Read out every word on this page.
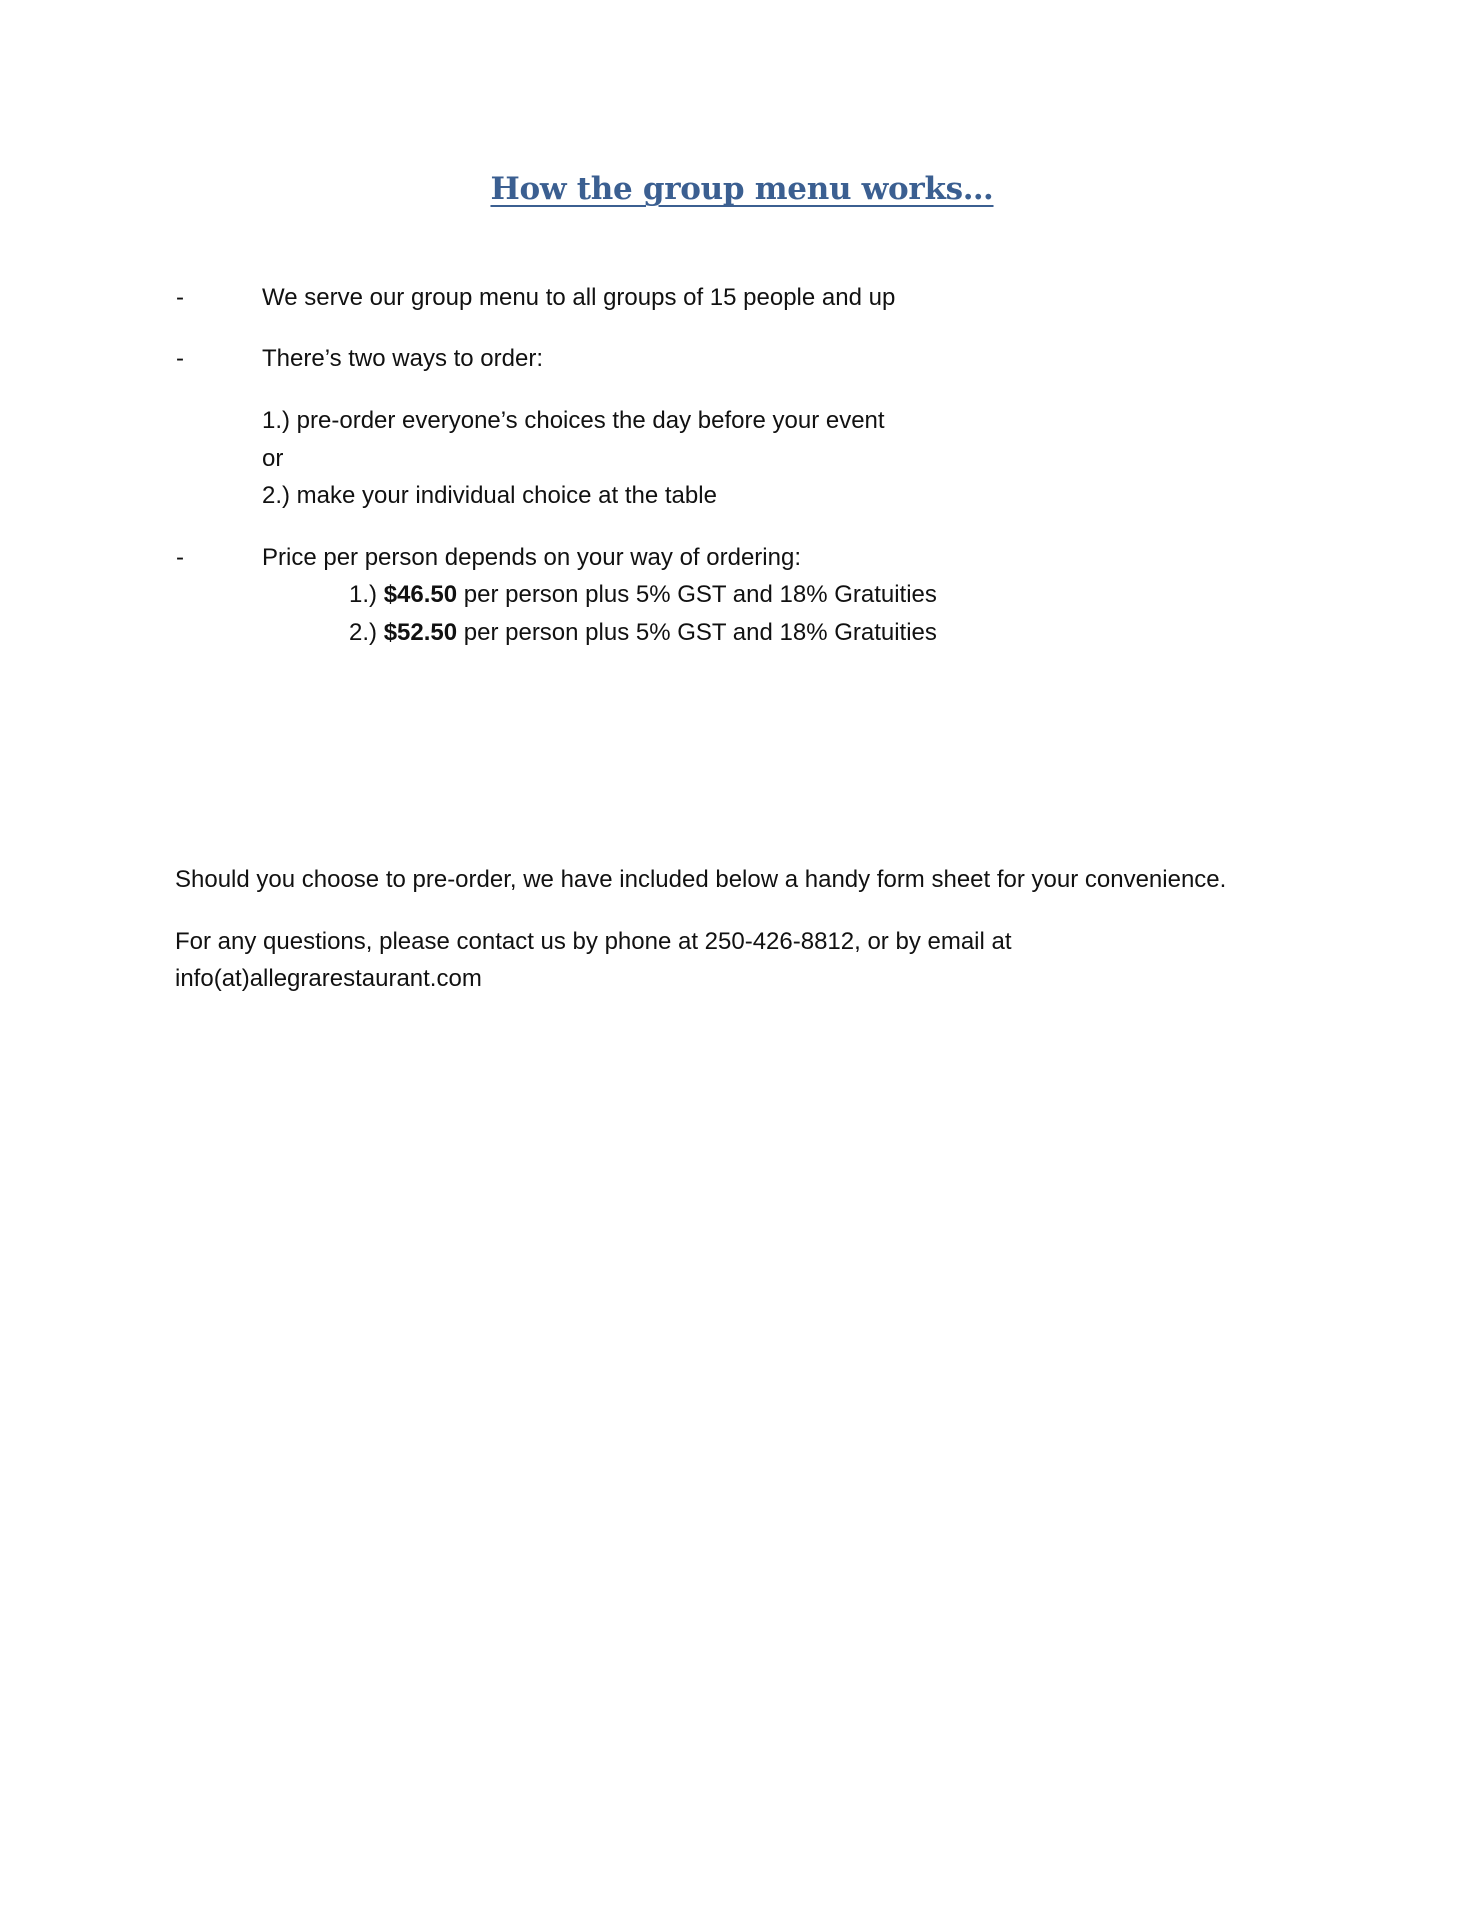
How the group menu works…
-	We serve our group menu to all groups of 15 people and up
-	There’s two ways to order:
1.) pre-order everyone’s choices the day before your event
or
2.) make your individual choice at the table
-	Price per person depends on your way of ordering:
1.) $46.50 per person plus 5% GST and 18% Gratuities
2.) $52.50 per person plus 5% GST and 18% Gratuities
Should you choose to pre-order, we have included below a handy form sheet for your convenience.
For any questions, please contact us by phone at 250-426-8812, or by email at
info(at)allegrarestaurant.com
